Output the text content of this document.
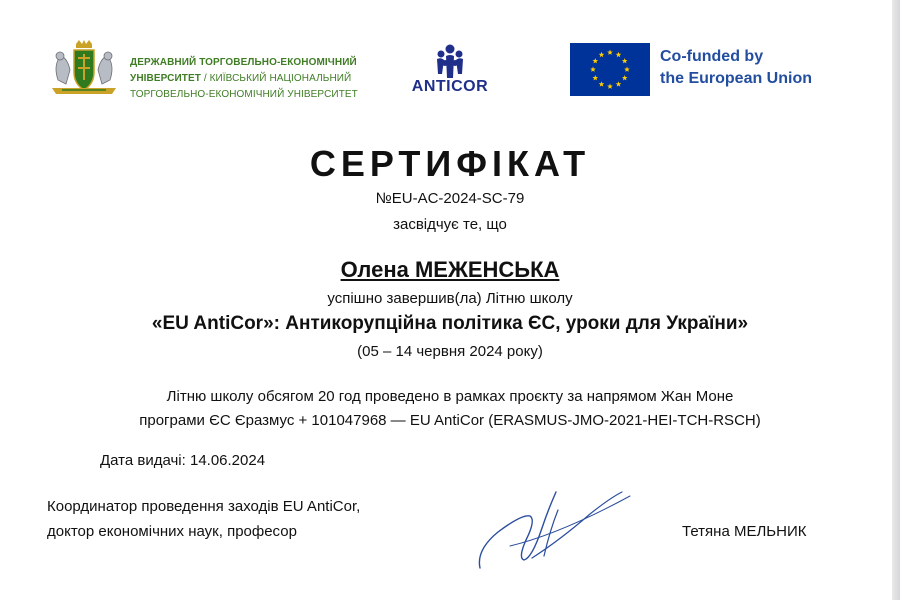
ДЕРЖАВНИЙ ТОРГОВЕЛЬНО-ЕКОНОМІЧНИЙ
УНІВЕРСИТЕТ / КИЇВСЬКИЙ НАЦІОНАЛЬНИЙ
ТОРГОВЕЛЬНО-ЕКОНОМІЧНИЙ УНІВЕРСИТЕТ	ANTICOR
Co-funded by
the European Union
СЕРТИФІКАТ
№EU-AC-2024-SC-79
засвідчує те, що
Олена МЕЖЕНСЬКА
успішно завершив(ла) Літню школу
«EU AntiCor»: Антикорупційна політика ЄС, уроки для України»
(05 – 14 червня 2024 року)
Літню школу обсягом 20 год проведено в рамках проєкту за напрямом Жан Моне
програми ЄС Єразмус + 101047968 — EU AntiCor (ERASMUS-JMO-2021-HEI-TCH-RSCH)
Дата видачі: 14.06.2024
Координатор проведення заходів EU AntiCor,
доктор економічних наук, професор	Тетяна МЕЛЬНИК
